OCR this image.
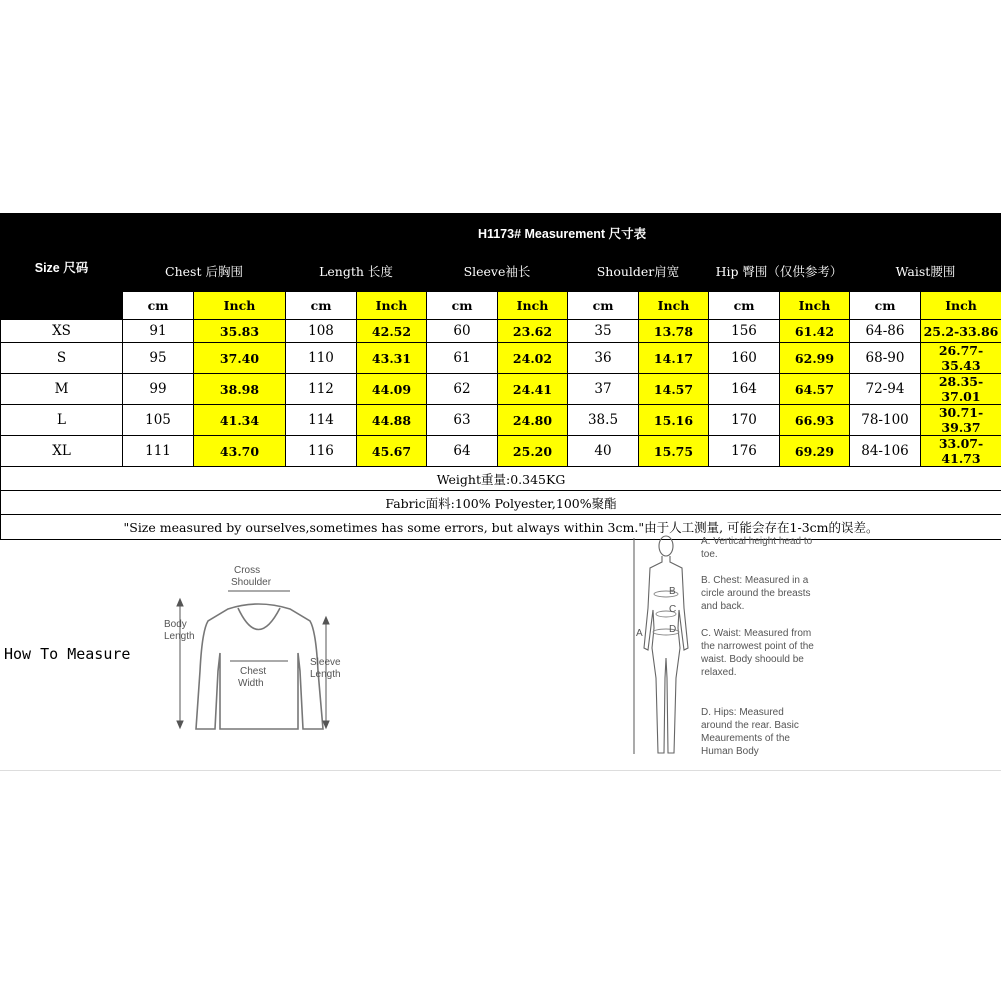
Size 尺码	H1173# Measurement 尺寸表											
	Chest 后胸围		Length 长度		Sleeve袖长		Shoulder肩宽		Hip 臀围（仅供参考）		Waist腰围	
	cm	Inch	cm	Inch	cm	Inch	cm	Inch	cm	Inch	cm	Inch
XS	91	35.83	108	42.52	60	23.62	35	13.78	156	61.42	64-86	25.2-33.86
S	95	37.40	110	43.31	61	24.02	36	14.17	160	62.99	68-90	26.77-35.43
M	99	38.98	112	44.09	62	24.41	37	14.57	164	64.57	72-94	28.35-37.01
L	105	41.34	114	44.88	63	24.80	38.5	15.16	170	66.93	78-100	30.71-39.37
XL	111	43.70	116	45.67	64	25.20	40	15.75	176	69.29	84-106	33.07-41.73
Weight重量:0.345KG												
Fabric面料:100% Polyester,100%聚酯												
"Size measured by ourselves,sometimes has some errors, but always within 3cm."由于人工测量, 可能会存在1-3cm的误差。												
How To Measure
Cross
Shoulder
Body
Length
Chest
Width
Sleeve
Length
A
B
C
D
A. Vertical height head to toe.
B. Chest: Measured in a circle around the breasts and back.
C. Waist: Measured from the narrowest point of the waist. Body shoould be relaxed.
D. Hips: Measured around the rear. Basic Meaurements of the Human Body
